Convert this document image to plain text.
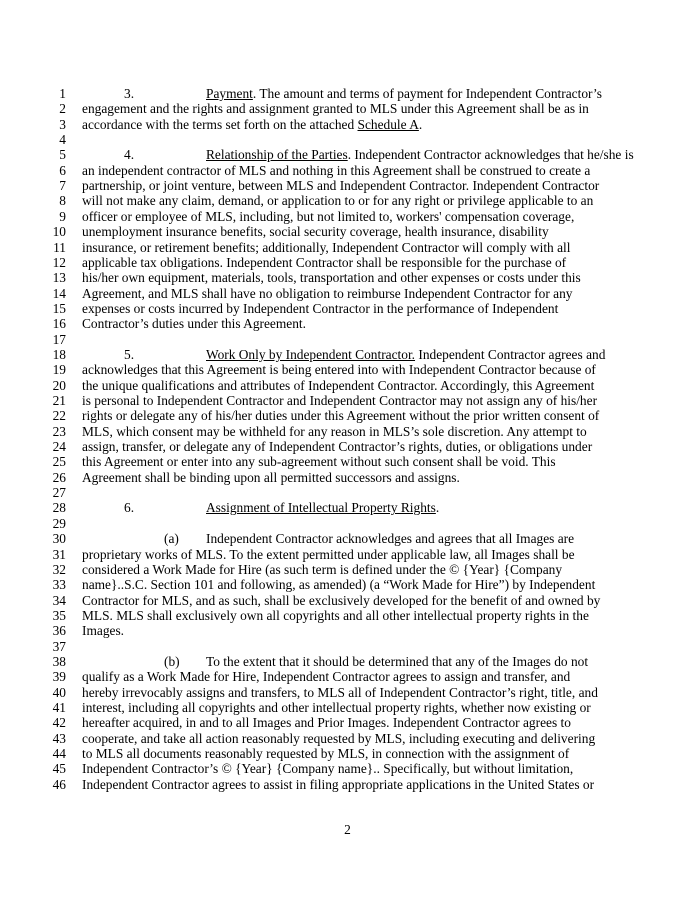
1	3.	Payment. The amount and terms of payment for Independent Contractor’s
2 engagement and the rights and assignment granted to MLS under this Agreement shall be as in
3 accordance with the terms set forth on the attached Schedule A.
4
5	4.	Relationship of the Parties. Independent Contractor acknowledges that he/she is
6 an independent contractor of MLS and nothing in this Agreement shall be construed to create a
7 partnership, or joint venture, between MLS and Independent Contractor. Independent Contractor
8 will not make any claim, demand, or application to or for any right or privilege applicable to an
9 officer or employee of MLS, including, but not limited to, workers' compensation coverage,
10 unemployment insurance benefits, social security coverage, health insurance, disability
11 insurance, or retirement benefits; additionally, Independent Contractor will comply with all
12 applicable tax obligations. Independent Contractor shall be responsible for the purchase of
13 his/her own equipment, materials, tools, transportation and other expenses or costs under this
14 Agreement, and MLS shall have no obligation to reimburse Independent Contractor for any
15 expenses or costs incurred by Independent Contractor in the performance of Independent
16 Contractor’s duties under this Agreement.
17
18	5.	Work Only by Independent Contractor. Independent Contractor agrees and
19 acknowledges that this Agreement is being entered into with Independent Contractor because of
20 the unique qualifications and attributes of Independent Contractor. Accordingly, this Agreement
21 is personal to Independent Contractor and Independent Contractor may not assign any of his/her
22 rights or delegate any of his/her duties under this Agreement without the prior written consent of
23 MLS, which consent may be withheld for any reason in MLS’s sole discretion. Any attempt to
24 assign, transfer, or delegate any of Independent Contractor’s rights, duties, or obligations under
25 this Agreement or enter into any sub-agreement without such consent shall be void. This
26 Agreement shall be binding upon all permitted successors and assigns.
27
28	6.	Assignment of Intellectual Property Rights.
29
30	(a) Independent Contractor acknowledges and agrees that all Images are
31 proprietary works of MLS. To the extent permitted under applicable law, all Images shall be
32 considered a Work Made for Hire (as such term is defined under the © {Year} {Company
33 name}..S.C. Section 101 and following, as amended) (a “Work Made for Hire”) by Independent
34 Contractor for MLS, and as such, shall be exclusively developed for the benefit of and owned by
35 MLS. MLS shall exclusively own all copyrights and all other intellectual property rights in the
36 Images.
37
38	(b) To the extent that it should be determined that any of the Images do not
39 qualify as a Work Made for Hire, Independent Contractor agrees to assign and transfer, and
40 hereby irrevocably assigns and transfers, to MLS all of Independent Contractor’s right, title, and
41 interest, including all copyrights and other intellectual property rights, whether now existing or
42 hereafter acquired, in and to all Images and Prior Images. Independent Contractor agrees to
43 cooperate, and take all action reasonably requested by MLS, including executing and delivering
44 to MLS all documents reasonably requested by MLS, in connection with the assignment of
45 Independent Contractor’s © {Year} {Company name}.. Specifically, but without limitation,
46 Independent Contractor agrees to assist in filing appropriate applications in the United States or
2
